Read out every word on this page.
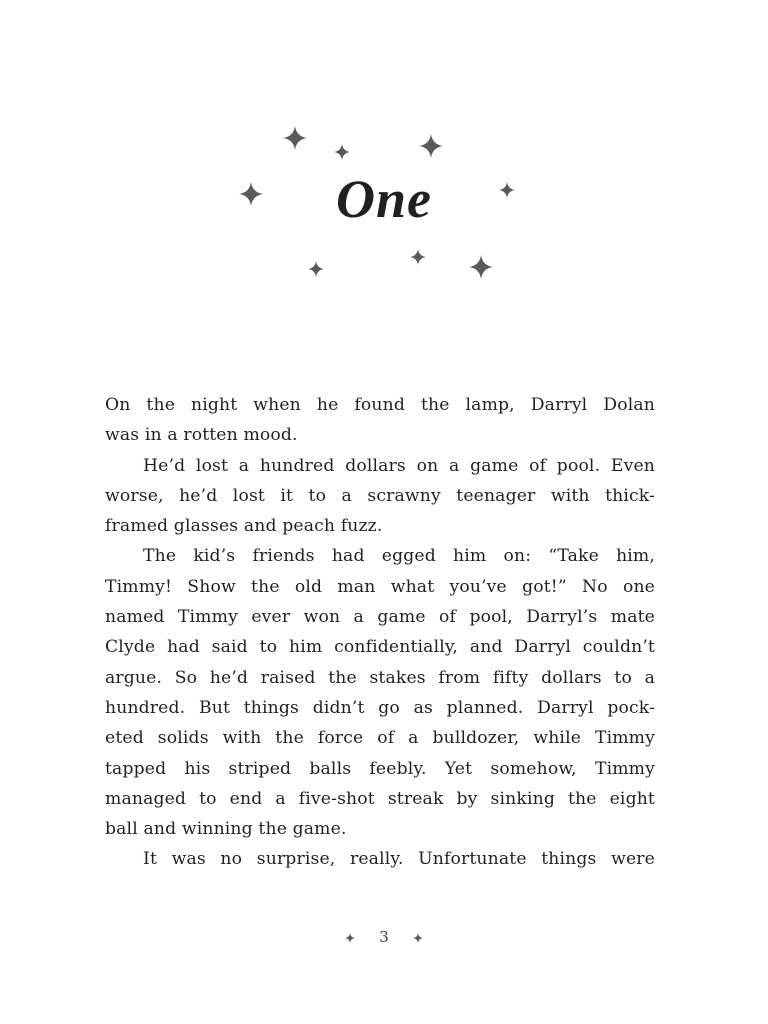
One

On the night when he found the lamp, Darryl Dolan
was in a rotten mood.

He’d lost a hundred dollars on a game of pool. Even
worse, he’d lost it to a scrawny teenager with thick-
framed glasses and peach fuzz.

The kid’s friends had egged him on: “Take him,
Timmy! Show the old man what you’ve got!” No one
named Timmy ever won a game of pool, Darryl’s mate
Clyde had said to him confidentially, and Darryl couldn’t
argue. So he’d raised the stakes from fifty dollars to a
hundred. But things didn’t go as planned. Darryl pock-
eted solids with the force of a bulldozer, while Timmy
tapped his striped balls feebly. Yet somehow, Timmy
managed to end a five-shot streak by sinking the eight
ball and winning the game.

It was no surprise, really. Unfortunate things were

3
